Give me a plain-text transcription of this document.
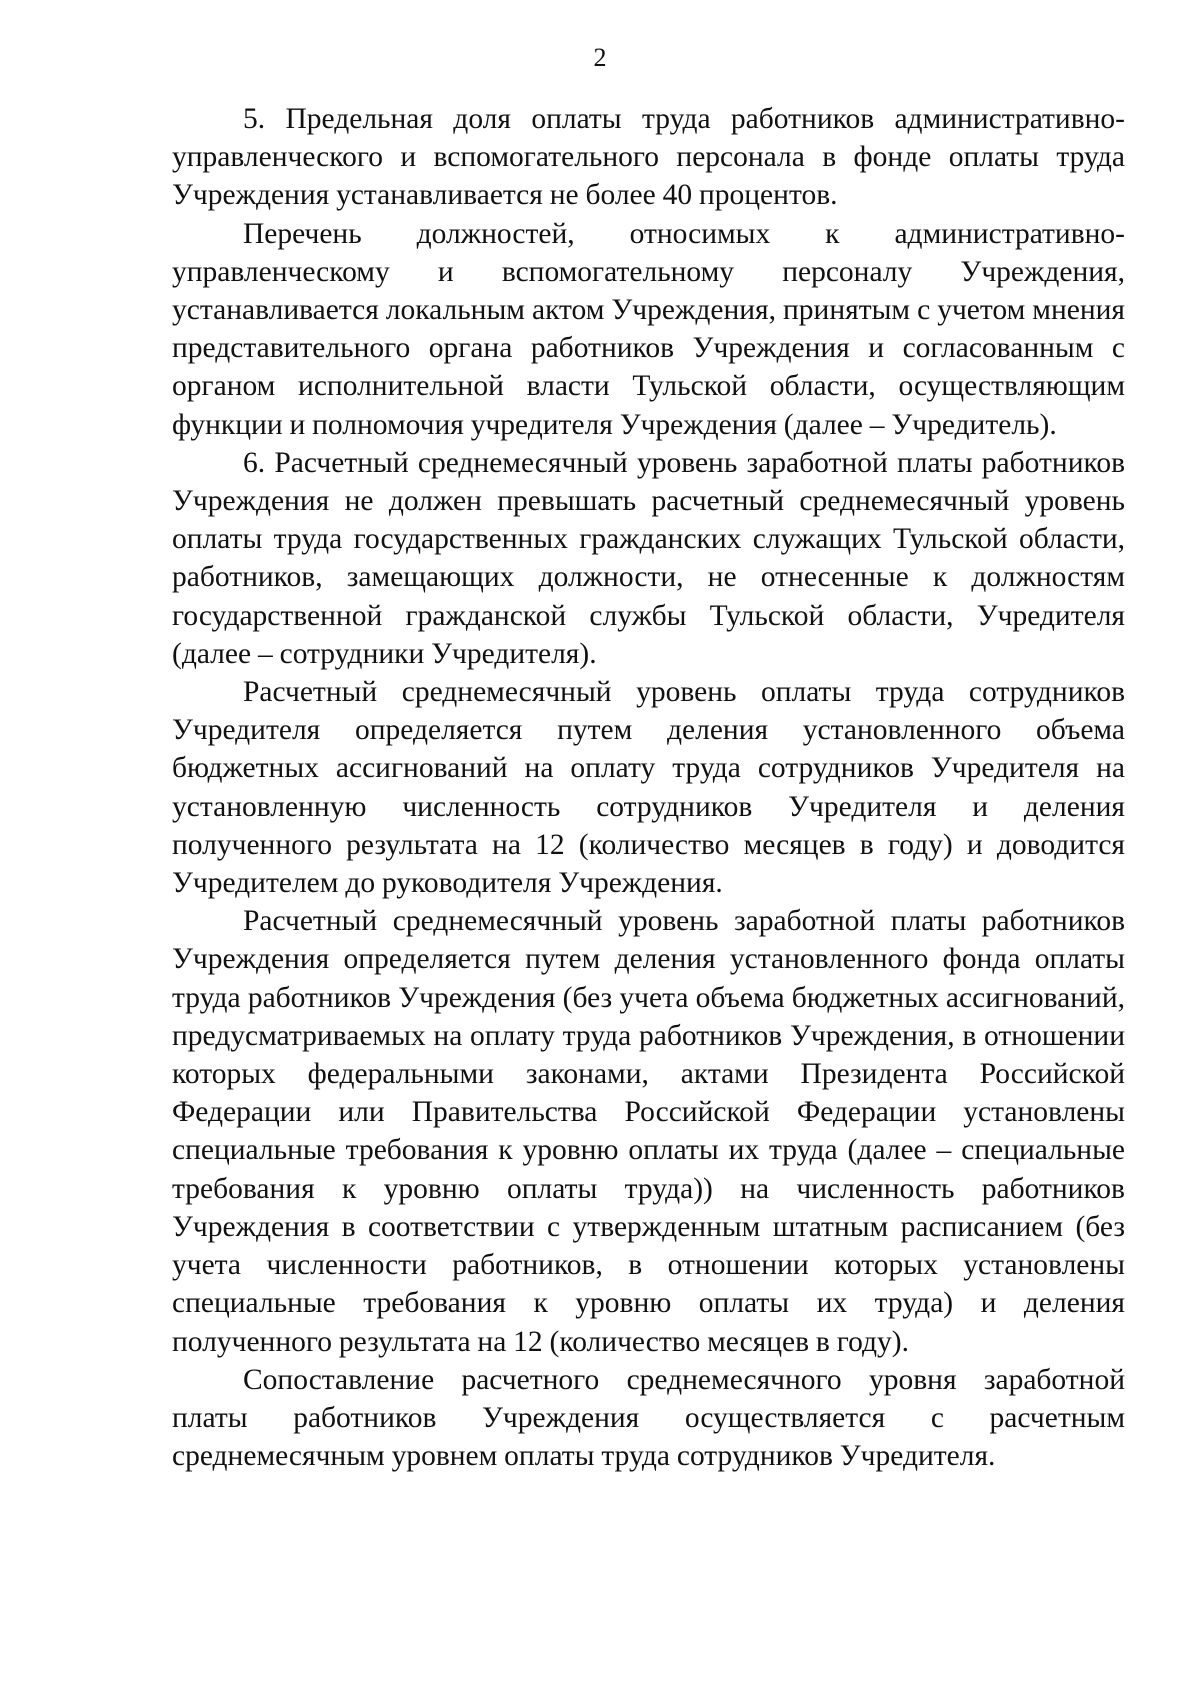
2

5. Предельная доля оплаты труда работников административно-управленческого и вспомогательного персонала в фонде оплаты труда Учреждения устанавливается не более 40 процентов.

Перечень должностей, относимых к административно-управленческому и вспомогательному персоналу Учреждения, устанавливается локальным актом Учреждения, принятым с учетом мнения представительного органа работников Учреждения и согласованным с органом исполнительной власти Тульской области, осуществляющим функции и полномочия учредителя Учреждения (далее – Учредитель).

6. Расчетный среднемесячный уровень заработной платы работников Учреждения не должен превышать расчетный среднемесячный уровень оплаты труда государственных гражданских служащих Тульской области, работников, замещающих должности, не отнесенные к должностям государственной гражданской службы Тульской области, Учредителя (далее – сотрудники Учредителя).

Расчетный среднемесячный уровень оплаты труда сотрудников Учредителя определяется путем деления установленного объема бюджетных ассигнований на оплату труда сотрудников Учредителя на установленную численность сотрудников Учредителя и деления полученного результата на 12 (количество месяцев в году) и доводится Учредителем до руководителя Учреждения.

Расчетный среднемесячный уровень заработной платы работников Учреждения определяется путем деления установленного фонда оплаты труда работников Учреждения (без учета объема бюджетных ассигнований, предусматриваемых на оплату труда работников Учреждения, в отношении которых федеральными законами, актами Президента Российской Федерации или Правительства Российской Федерации установлены специальные требования к уровню оплаты их труда (далее – специальные требования к уровню оплаты труда)) на численность работников Учреждения в соответствии с утвержденным штатным расписанием (без учета численности работников, в отношении которых установлены специальные требования к уровню оплаты их труда) и деления полученного результата на 12 (количество месяцев в году).

Сопоставление расчетного среднемесячного уровня заработной платы работников Учреждения осуществляется с расчетным среднемесячным уровнем оплаты труда сотрудников Учредителя.
